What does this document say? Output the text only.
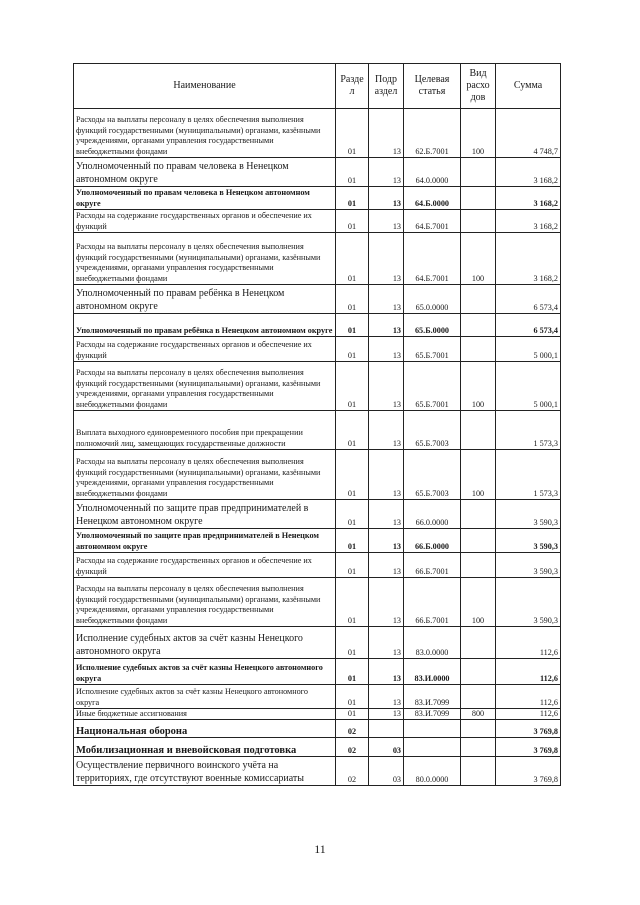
Наименование	Разде л	Подр аздел	Целевая статья	Вид расхо дов	Сумма
Расходы на выплаты персоналу в целях обеспечения выполнения функций государственными (муниципальными) органами, казёнными учреждениями, органами управления государственными внебюджетными фондами	01	13	62.Б.7001	100	4 748,7
Уполномоченный по правам человека в Ненецком автономном округе	01	13	64.0.0000		3 168,2
Уполномоченный по правам человека в Ненецком автономном округе	01	13	64.Б.0000		3 168,2
Расходы на содержание государственных органов и обеспечение их функций	01	13	64.Б.7001		3 168,2
Расходы на выплаты персоналу в целях обеспечения выполнения функций государственными (муниципальными) органами, казёнными учреждениями, органами управления государственными внебюджетными фондами	01	13	64.Б.7001	100	3 168,2
Уполномоченный по правам ребёнка в Ненецком автономном округе	01	13	65.0.0000		6 573,4
Уполномоченный по правам ребёнка в Ненецком автономном округе	01	13	65.Б.0000		6 573,4
Расходы на содержание государственных органов и обеспечение их функций	01	13	65.Б.7001		5 000,1
Расходы на выплаты персоналу в целях обеспечения выполнения функций государственными (муниципальными) органами, казёнными учреждениями, органами управления государственными внебюджетными фондами	01	13	65.Б.7001	100	5 000,1
Выплата выходного единовременного пособия при прекращении полномочий лиц, замещающих государственные должности	01	13	65.Б.7003		1 573,3
Расходы на выплаты персоналу в целях обеспечения выполнения функций государственными (муниципальными) органами, казёнными учреждениями, органами управления государственными внебюджетными фондами	01	13	65.Б.7003	100	1 573,3
Уполномоченный по защите прав предпринимателей в Ненецком автономном округе	01	13	66.0.0000		3 590,3
Уполномоченный по защите прав предпринимателей в Ненецком автономном округе	01	13	66.Б.0000		3 590,3
Расходы на содержание государственных органов и обеспечение их функций	01	13	66.Б.7001		3 590,3
Расходы на выплаты персоналу в целях обеспечения выполнения функций государственными (муниципальными) органами, казёнными учреждениями, органами управления государственными внебюджетными фондами	01	13	66.Б.7001	100	3 590,3
Исполнение судебных актов за счёт казны Ненецкого автономного округа	01	13	83.0.0000		112,6
Исполнение судебных актов за счёт казны Ненецкого автономного округа	01	13	83.И.0000		112,6
Исполнение судебных актов за счёт казны Ненецкого автономного округа	01	13	83.И.7099		112,6
Иные бюджетные ассигнования	01	13	83.И.7099	800	112,6
Национальная оборона	02				3 769,8
Мобилизационная и вневойсковая подготовка	02	03			3 769,8
Осуществление первичного воинского учёта на территориях, где отсутствуют военные комиссариаты	02	03	80.0.0000		3 769,8
11
